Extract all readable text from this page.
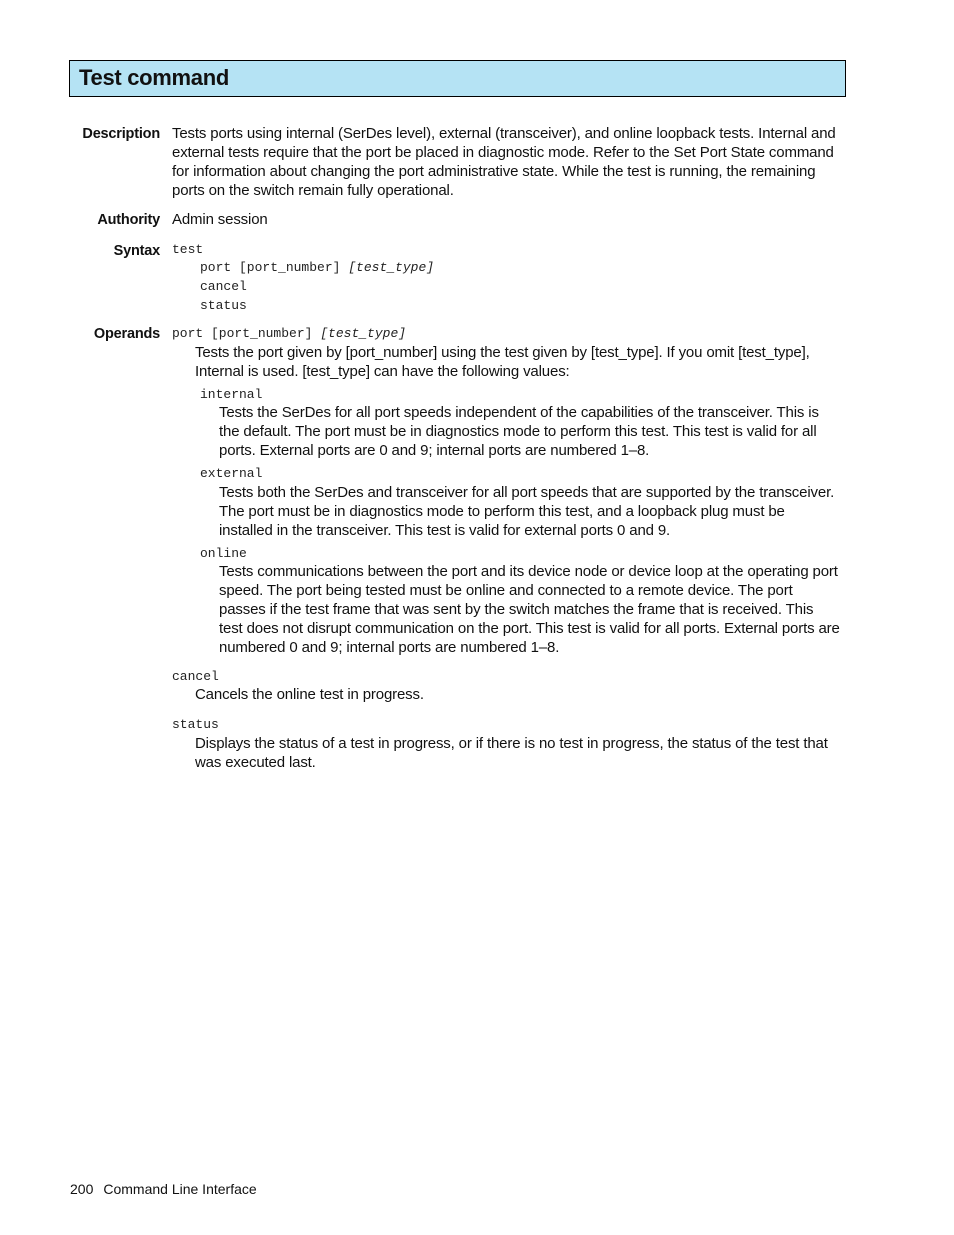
Test command
Description Tests ports using internal (SerDes level), external (transceiver), and online loopback tests. Internal and external tests require that the port be placed in diagnostic mode. Refer to the Set Port State command for information about changing the port administrative state. While the test is running, the remaining ports on the switch remain fully operational.
Authority Admin session
Syntax test
port [port_number] [test_type]
cancel
status
Operands port [port_number] [test_type]
Tests the port given by [port_number] using the test given by [test_type]. If you omit [test_type], Internal is used. [test_type] can have the following values:
internal
Tests the SerDes for all port speeds independent of the capabilities of the transceiver. This is the default. The port must be in diagnostics mode to perform this test. This test is valid for all ports. External ports are 0 and 9; internal ports are numbered 1–8.
external
Tests both the SerDes and transceiver for all port speeds that are supported by the transceiver. The port must be in diagnostics mode to perform this test, and a loopback plug must be installed in the transceiver. This test is valid for external ports 0 and 9.
online
Tests communications between the port and its device node or device loop at the operating port speed. The port being tested must be online and connected to a remote device. The port passes if the test frame that was sent by the switch matches the frame that is received. This test does not disrupt communication on the port. This test is valid for all ports. External ports are numbered 0 and 9; internal ports are numbered 1–8.
cancel
Cancels the online test in progress.
status
Displays the status of a test in progress, or if there is no test in progress, the status of the test that was executed last.
200 Command Line Interface
